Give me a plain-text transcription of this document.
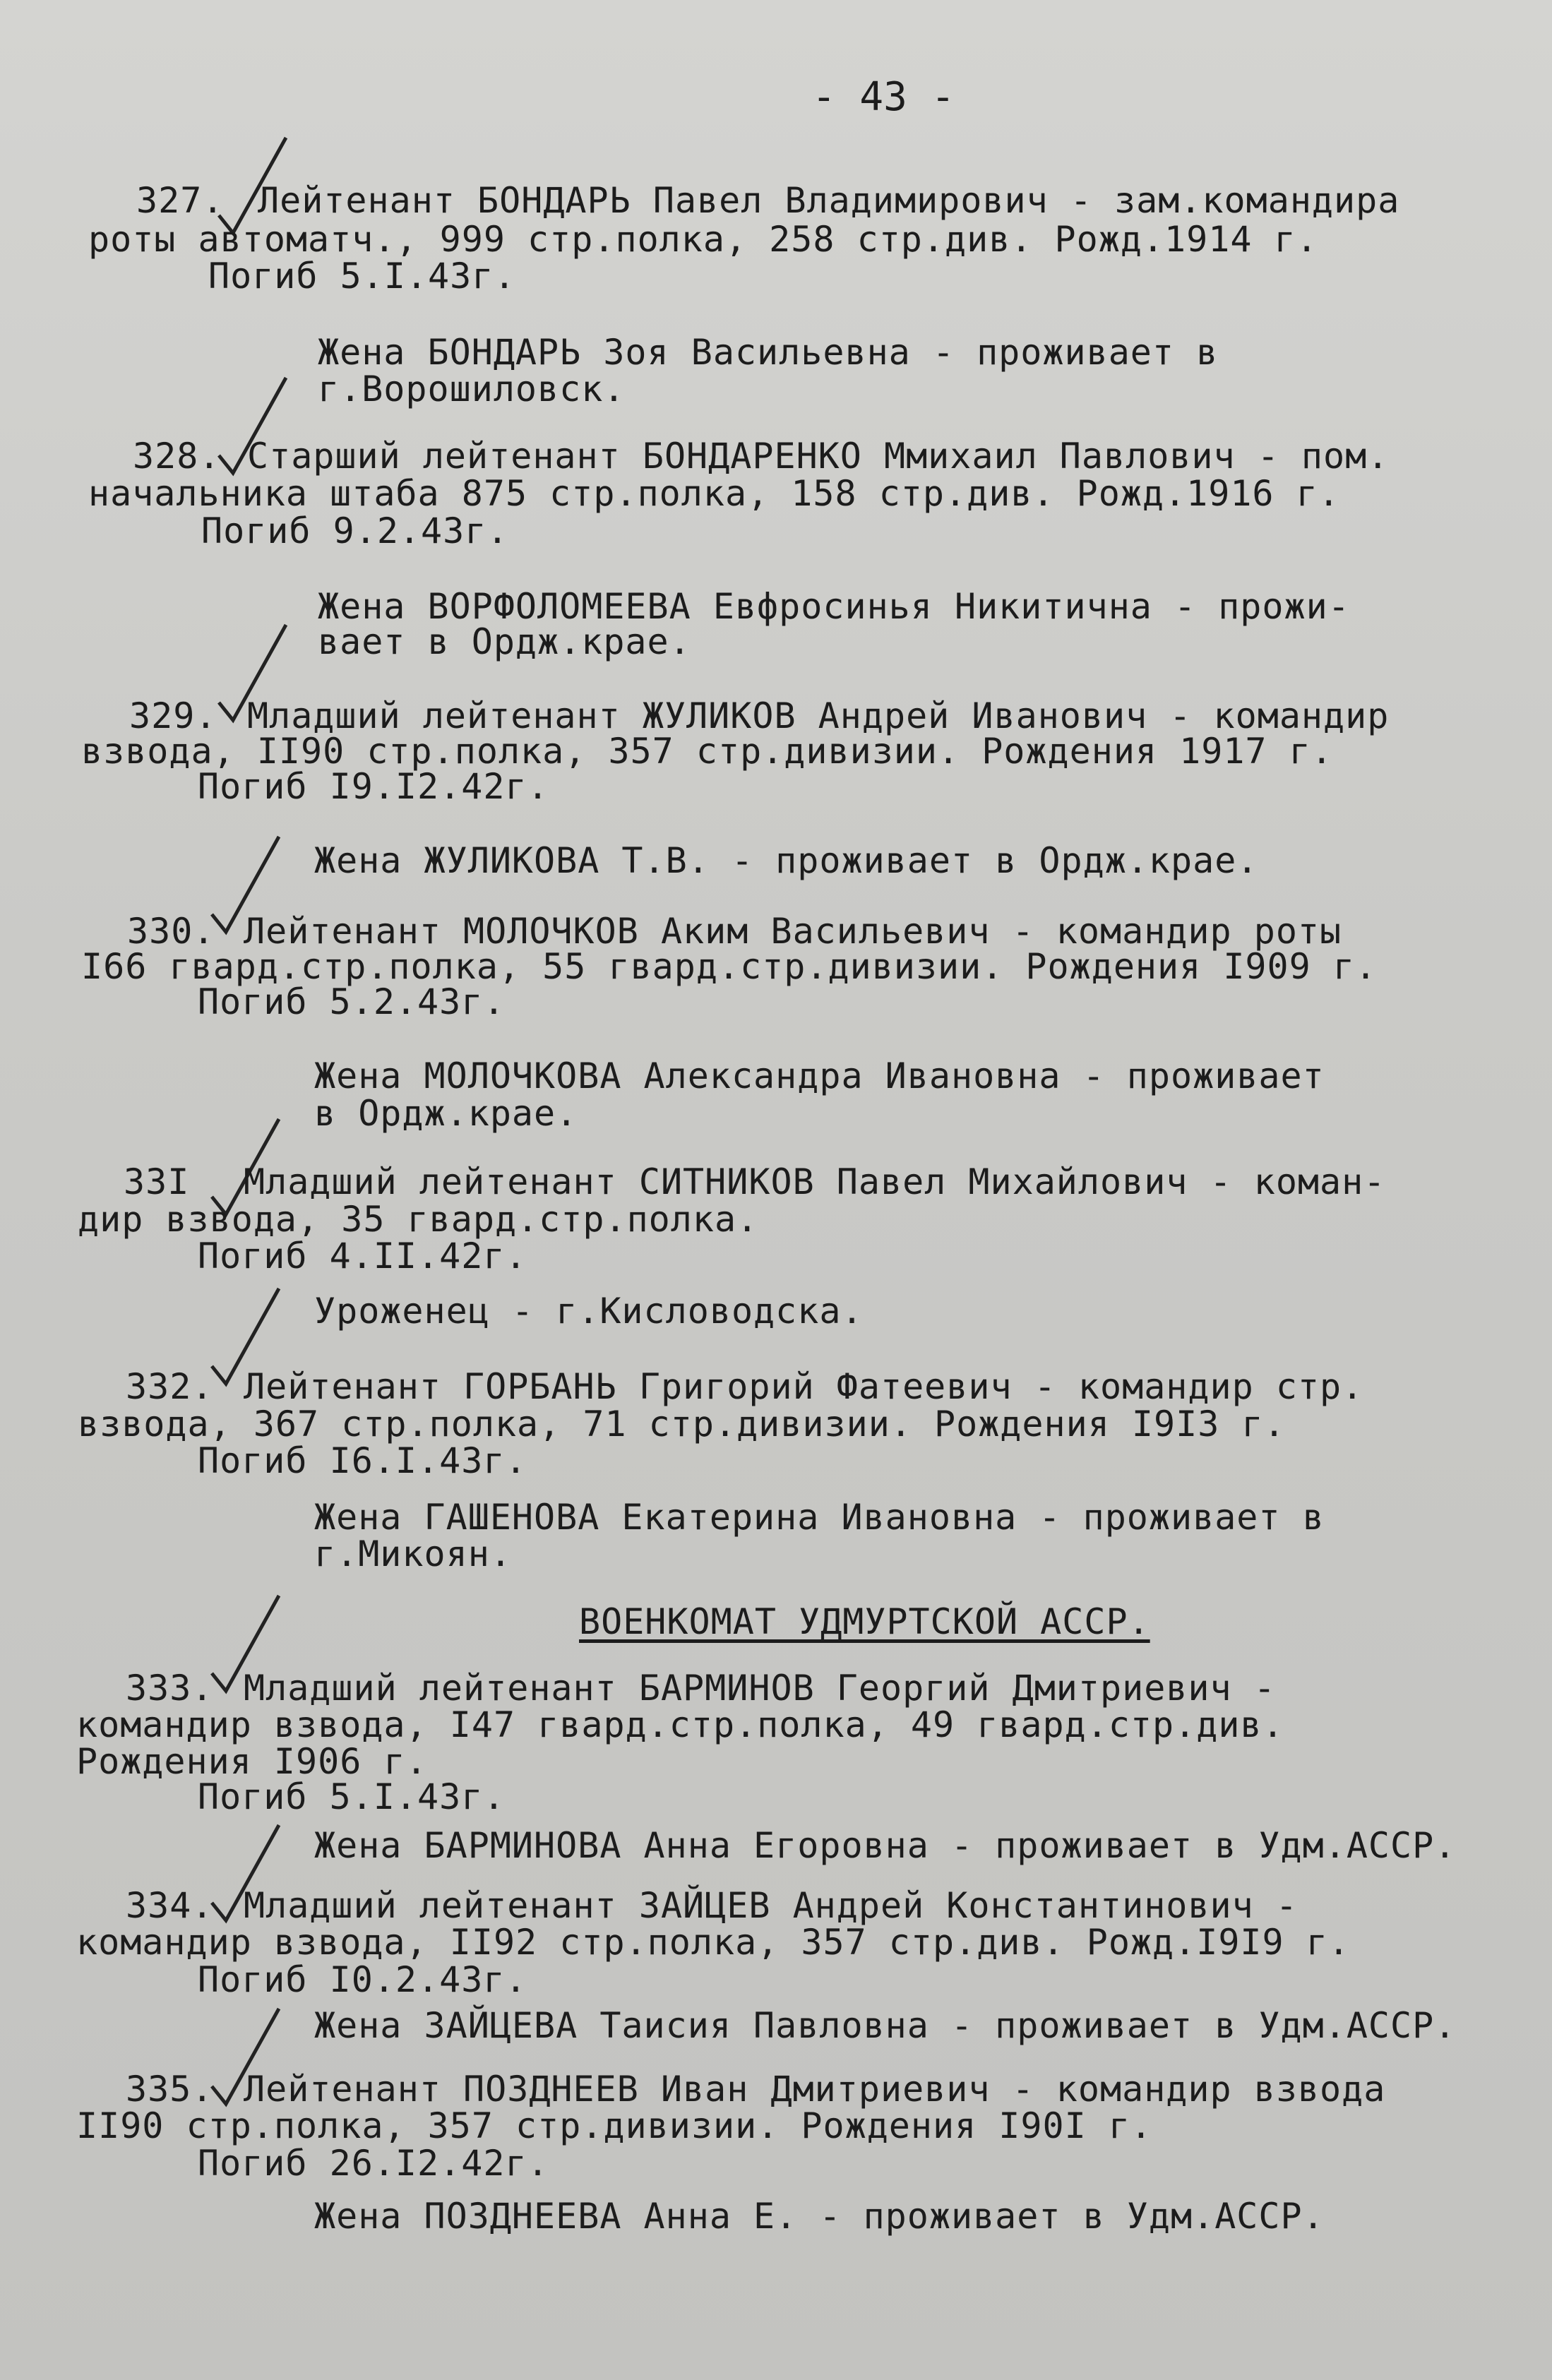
- 43 -
327. Лейтенант БОНДАРЬ Павел Владимирович - зам.командира
роты автоматч., 999 стр.полка, 258 стр.див. Рожд.1914 г.
Погиб 5.I.43г.
Жена БОНДАРЬ Зоя Васильевна - проживает в
г.Ворошиловск.
328. Старший лейтенант БОНДАРЕНКО Ммихаил Павлович - пом.
начальника штаба 875 стр.полка, 158 стр.див. Рожд.1916 г.
Погиб 9.2.43г.
Жена ВОРФОЛОМЕЕВА Евфросинья Никитична - прожи-
вает в Ордж.крае.
329. Младший лейтенант ЖУЛИКОВ Андрей Иванович - командир
взвода, II90 стр.полка, 357 стр.дивизии. Рождения 1917 г.
Погиб I9.I2.42г.
Жена ЖУЛИКОВА Т.В. - проживает в Ордж.крае.
330. Лейтенант МОЛОЧКОВ Аким Васильевич - командир роты
I66 гвард.стр.полка, 55 гвард.стр.дивизии. Рождения I909 г.
Погиб 5.2.43г.
Жена МОЛОЧКОВА Александра Ивановна - проживает
в Ордж.крае.
33I Младший лейтенант СИТНИКОВ Павел Михайлович - коман-
дир взвода, 35 гвард.стр.полка.
Погиб 4.II.42г.
Уроженец - г.Кисловодска.
332. Лейтенант ГОРБАНЬ Григорий Фатеевич - командир стр.
взвода, 367 стр.полка, 71 стр.дивизии. Рождения I9I3 г.
Погиб I6.I.43г.
Жена ГАШЕНОВА Екатерина Ивановна - проживает в
г.Микоян.
ВОЕНКОМАТ УДМУРТСКОЙ АССР.
333. Младший лейтенант БАРМИНОВ Георгий Дмитриевич -
командир взвода, I47 гвард.стр.полка, 49 гвард.стр.див.
Рождения I906 г.
Погиб 5.I.43г.
Жена БАРМИНОВА Анна Егоровна - проживает в Удм.АССР.
334. Младший лейтенант ЗАЙЦЕВ Андрей Константинович -
командир взвода, II92 стр.полка, 357 стр.див. Рожд.I9I9 г.
Погиб I0.2.43г.
Жена ЗАЙЦЕВА Таисия Павловна - проживает в Удм.АССР.
335. Лейтенант ПОЗДНЕЕВ Иван Дмитриевич - командир взвода
II90 стр.полка, 357 стр.дивизии. Рождения I90I г.
Погиб 26.I2.42г.
Жена ПОЗДНЕЕВА Анна Е. - проживает в Удм.АССР.
